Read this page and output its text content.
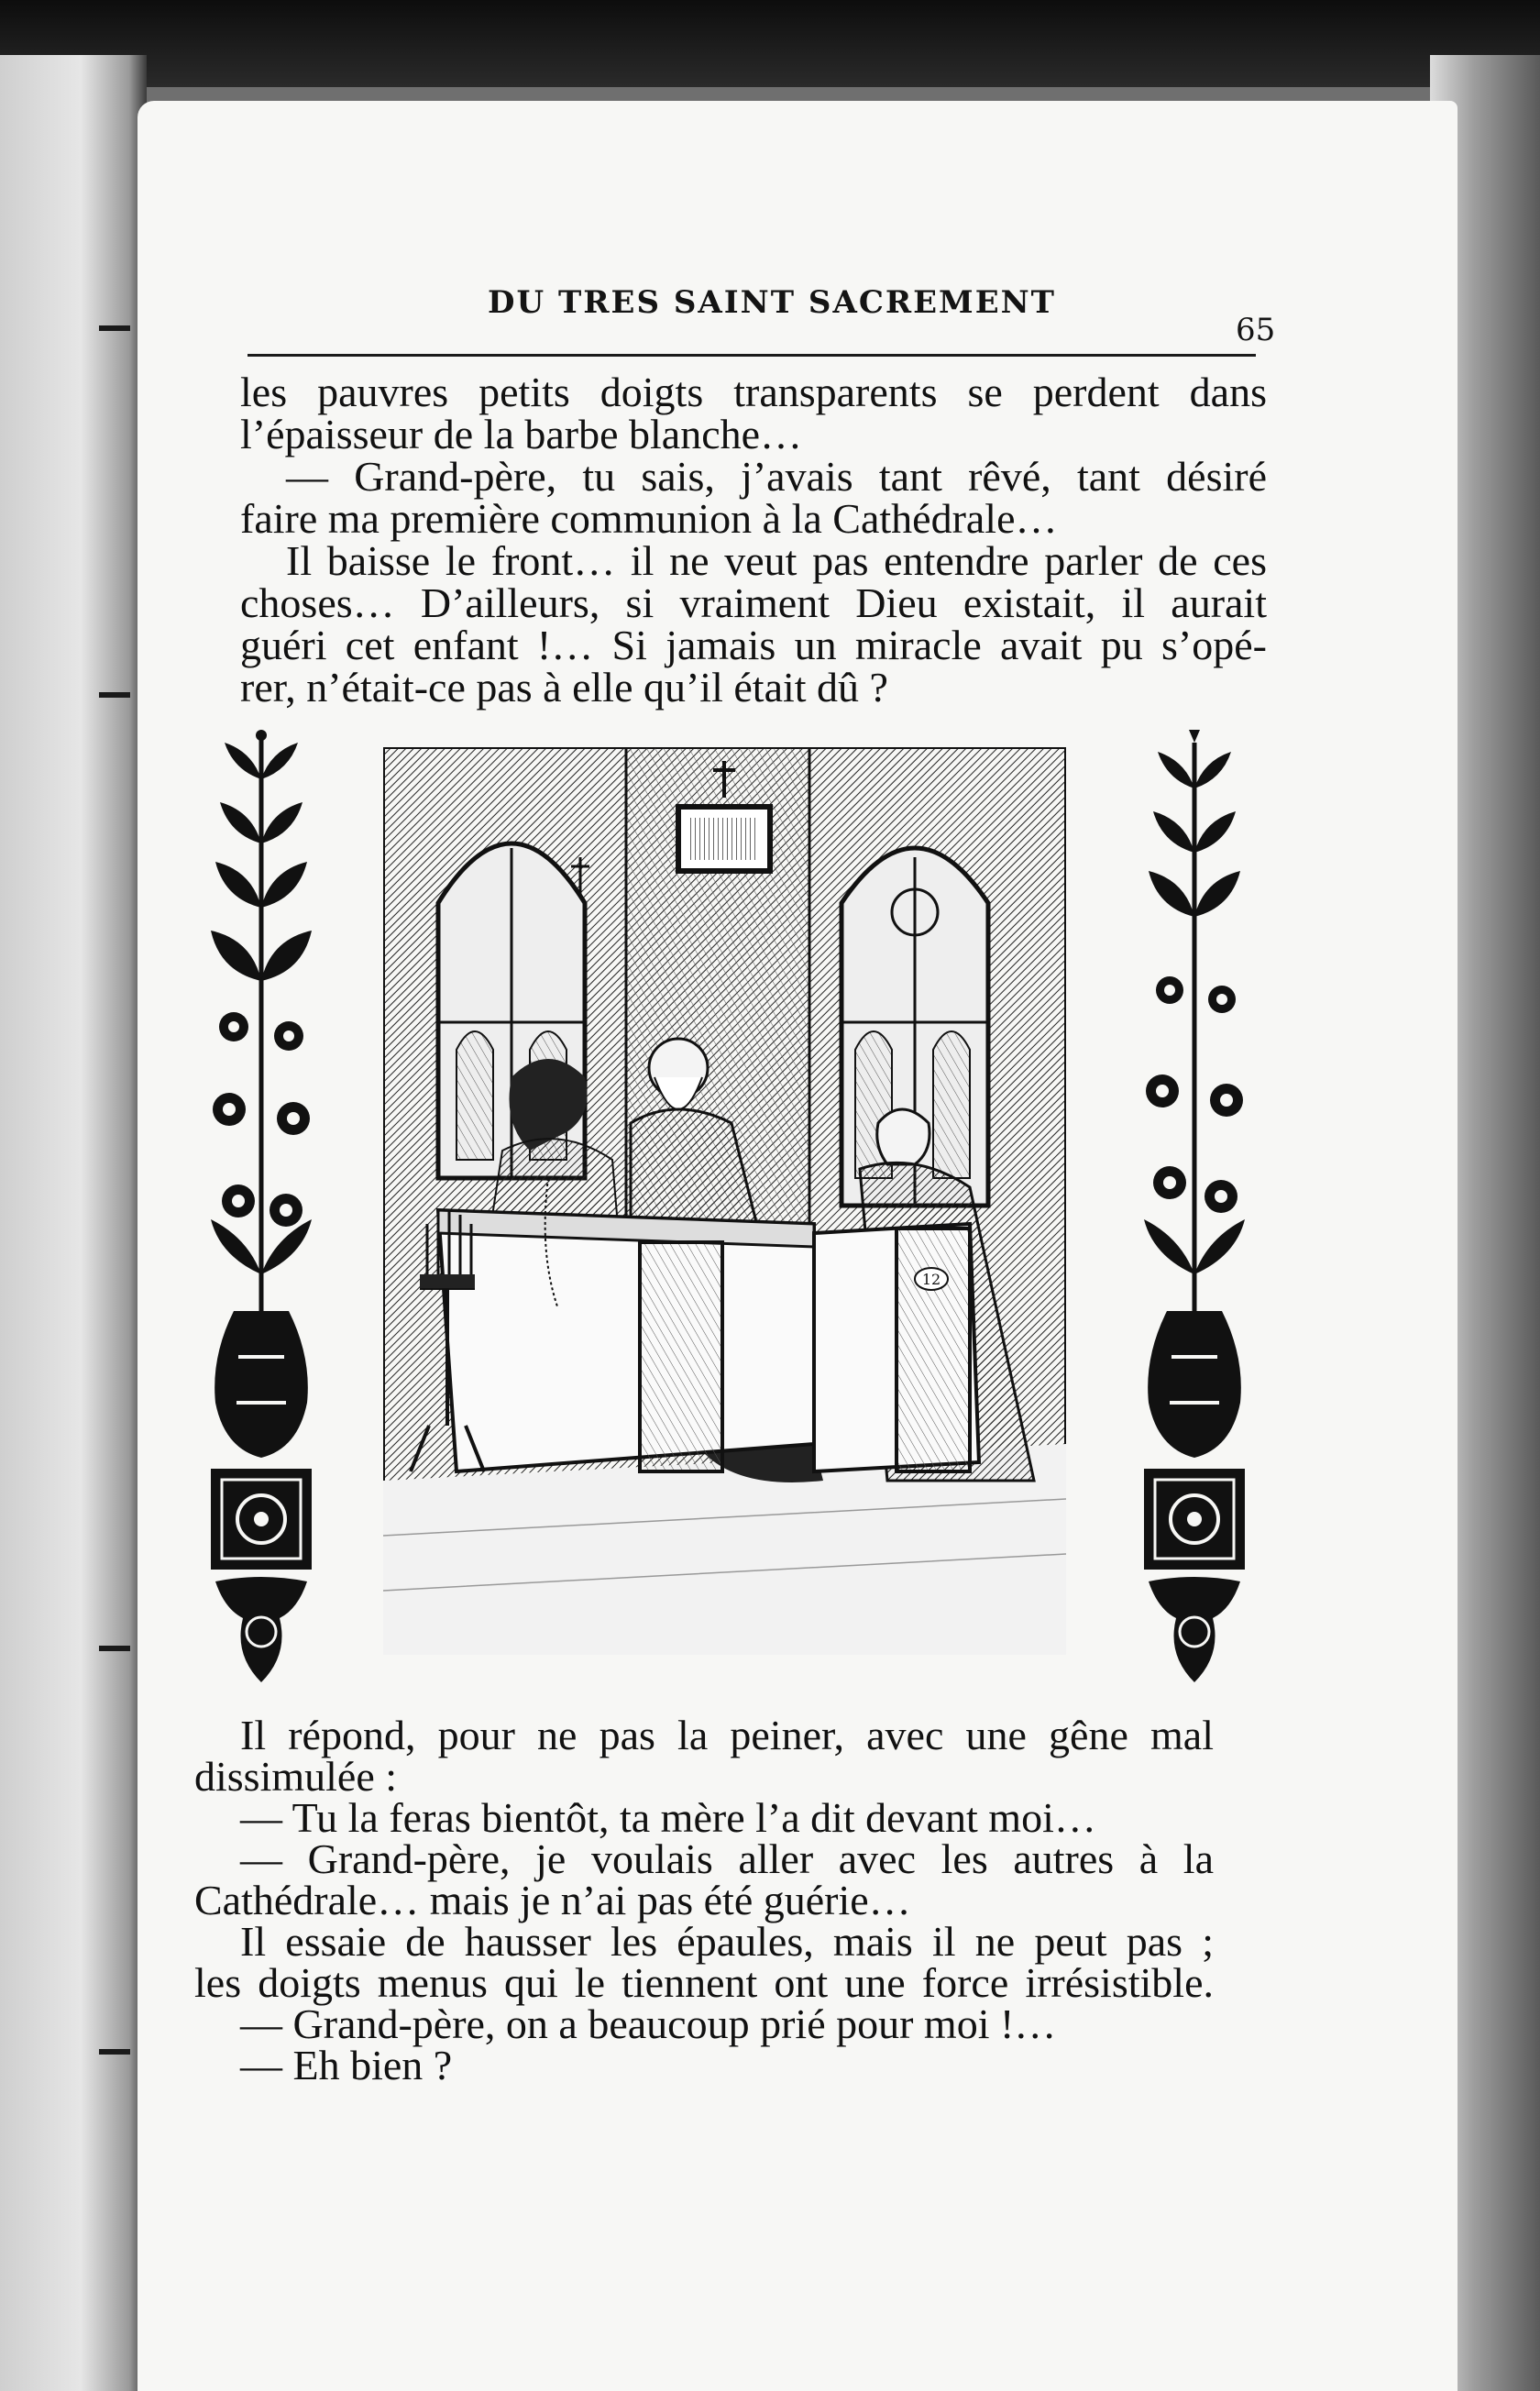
DU TRES SAINT SACREMENT
65

les pauvres petits doigts transparents se perdent dans

l’épaisseur de la barbe blanche…

— Grand-père, tu sais, j’avais tant rêvé, tant désiré

faire ma première communion à la Cathédrale…

Il baisse le front… il ne veut pas entendre parler de ces

choses… D’ailleurs, si vraiment Dieu existait, il aurait

guéri cet enfant !… Si jamais un miracle avait pu s’opé-

rer, n’était-ce pas à elle qu’il était dû ?

12

Il répond, pour ne pas la peiner, avec une gêne mal

dissimulée :

— Tu la feras bientôt, ta mère l’a dit devant moi…

— Grand-père, je voulais aller avec les autres à la

Cathédrale… mais je n’ai pas été guérie…

Il essaie de hausser les épaules, mais il ne peut pas ;

les doigts menus qui le tiennent ont une force irrésistible.

— Grand-père, on a beaucoup prié pour moi !…

— Eh bien ?
